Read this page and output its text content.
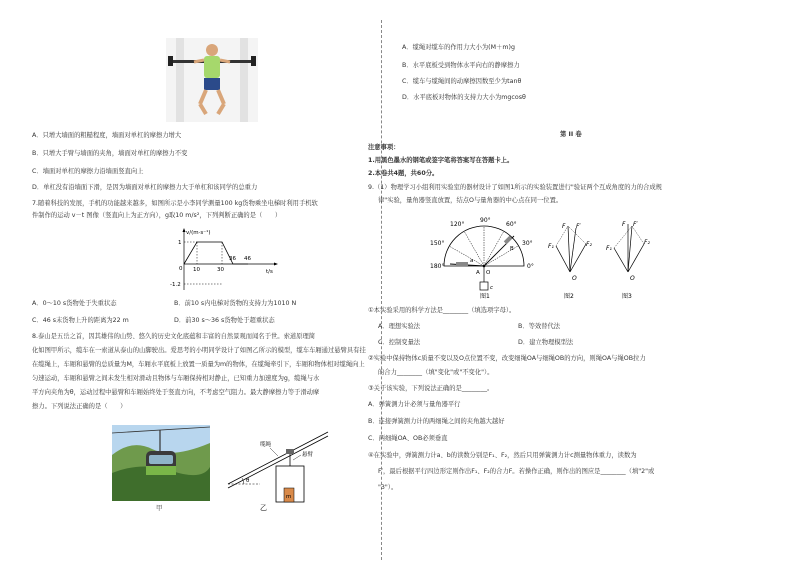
A．只增大墙面的粗糙程度，墙面对单杠的摩擦力增大
B．只增大手臂与墙面的夹角，墙面对单杠的摩擦力不变
C．墙面对单杠的摩擦力沿墙面竖直向上
D．单杠没有沿墙面下滑，是因为墙面对单杠的摩擦力大于单杠和该同学的总重力
7.随着科技的发展，手机的功能越来越多，如图所示是小李同学测量100 kg货物乘坐电梯时利用手机软
件制作的运动 v－t 图像（竖直向上为正方向），g取10 m/s²，下列判断正确的是（　　）
v/(m·s⁻¹)
t/s
1
-1.2
0 10	30
36 46
A．0～10 s货物处于失重状态	B．前10 s内电梯对货物的支持力为1010 N
C．46 s末货物上升的距离为22 m	D．前30 s～36 s货物处于超重状态
8.泰山是五岳之首，因其雄伟的山势、悠久的历史文化底蕴和丰富的自然景观而闻名于世。索道原理简
化如图甲所示，缆车在一索道从泰山的山脚驶出。爱思考的小明同学设计了如图乙所示的模型，缆车车厢通过悬臂具有挂
在缆绳上，车厢和悬臂的总质量为M，车厢水平底板上放置一质量为m的物体，在缆绳牵引下，车厢和物体相对缆绳向上
匀速运动，车厢和悬臂之间未发生相对滑动且物体与车厢保持相对静止，已知重力加速度为g，缆绳与水
平方向夹角为θ，运动过程中悬臂和车厢始终处于竖直方向，不考虑空气阻力。最大静摩擦力等于滑动摩
擦力。下列说法正确的是（　　）
甲
θ
m
缆绳
悬臂
乙
A．缆绳对缆车的作用力大小为(M＋m)g
B．水平底板受到物体水平向右的静摩擦力
C．缆车与缆绳间的动摩擦因数至少为tanθ
D．水平底板对物体的支持力大小为mgcosθ
第 II 卷
注意事项：
1.用黑色墨水的钢笔或签字笔将答案写在答题卡上。
2.本卷共4题，共60分。
9.（1）物理学习小组利用实验室的器材设计了如图1所示的实验装置进行"验证两个互成角度的力的合成规
律"实验，量角器竖直放置，结点O与量角器的中心点在同一位置。
120°
90°
60°
150°	30°
180°	0°
a
A O
B
c
图1
F F′
F₁	F₂
O
图2
F F′
F₁
F₂
O
图3
①本实验采用的科学方法是________（填选项字母）。
A．理想实验法	B．等效替代法
C．控制变量法	D．建立物理模型法
②实验中保持物体c质量不变以及O点位置不变，改变细绳OA与细绳OB的方向，则绳OA与绳OB拉力
的合力________（填"变化"或"不变化"）。
③关于该实验，下列说法正确的是________。
A．弹簧测力计必须与量角器平行
B．连接弹簧测力计的两细绳之间的夹角越大越好
C．两细绳OA、OB必须垂直
④在实验中，弹簧测力计a、b的读数分别是F₁、F₂，然后只用弹簧测力计c测量物体重力，读数为
F′，最后根据平行四边形定则作出F₁、F₂的合力F。若操作正确，则作出的图应是________（填"2"或
"3"）。
